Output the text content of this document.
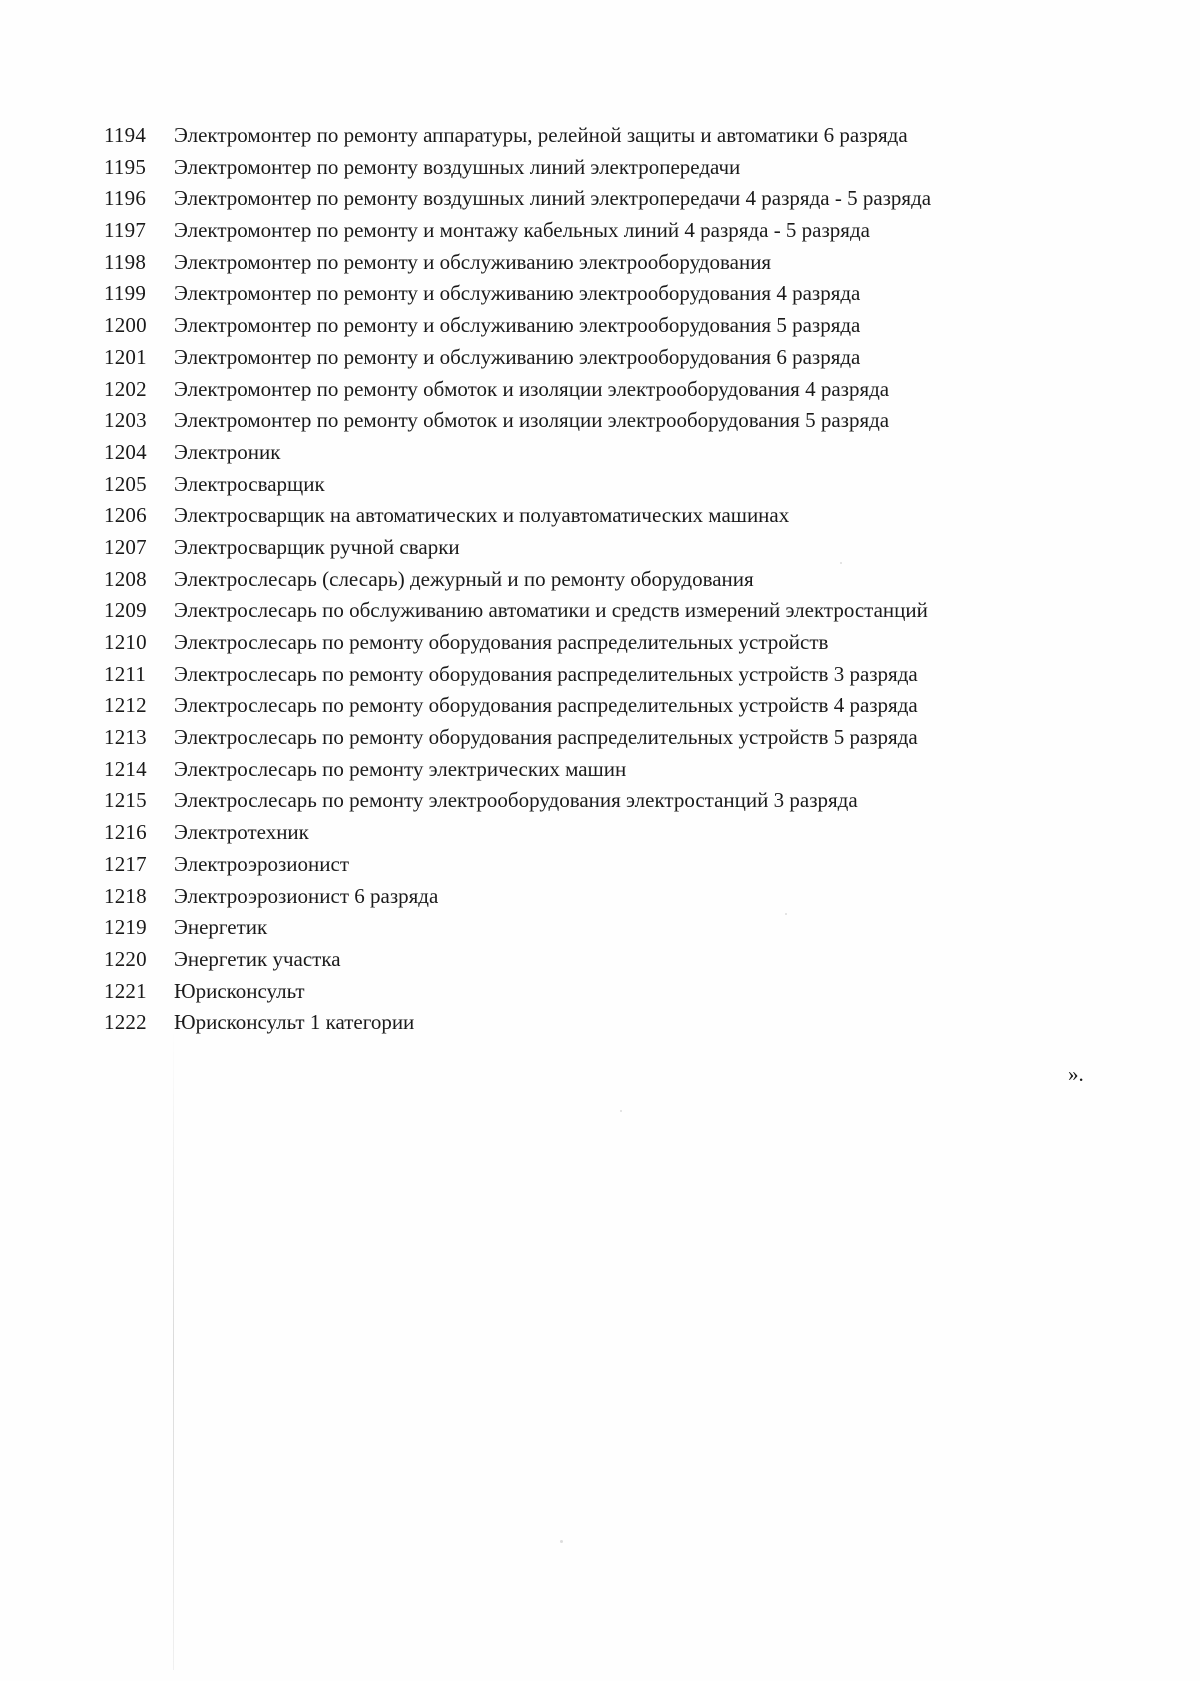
1194	Электромонтер по ремонту аппаратуры, релейной защиты и автоматики 6 разряда
1195	Электромонтер по ремонту воздушных линий электропередачи
1196	Электромонтер по ремонту воздушных линий электропередачи 4 разряда - 5 разряда
1197	Электромонтер по ремонту и монтажу кабельных линий 4 разряда - 5 разряда
1198	Электромонтер по ремонту и обслуживанию электрооборудования
1199	Электромонтер по ремонту и обслуживанию электрооборудования 4 разряда
1200	Электромонтер по ремонту и обслуживанию электрооборудования 5 разряда
1201	Электромонтер по ремонту и обслуживанию электрооборудования 6 разряда
1202	Электромонтер по ремонту обмоток и изоляции электрооборудования 4 разряда
1203	Электромонтер по ремонту обмоток и изоляции электрооборудования 5 разряда
1204	Электроник
1205	Электросварщик
1206	Электросварщик на автоматических и полуавтоматических машинах
1207	Электросварщик ручной сварки
1208	Электрослесарь (слесарь) дежурный и по ремонту оборудования
1209	Электрослесарь по обслуживанию автоматики и средств измерений электростанций
1210	Электрослесарь по ремонту оборудования распределительных устройств
1211	Электрослесарь по ремонту оборудования распределительных устройств 3 разряда
1212	Электрослесарь по ремонту оборудования распределительных устройств 4 разряда
1213	Электрослесарь по ремонту оборудования распределительных устройств 5 разряда
1214	Электрослесарь по ремонту электрических машин
1215	Электрослесарь по ремонту электрооборудования электростанций 3 разряда
1216	Электротехник
1217	Электроэрозионист
1218	Электроэрозионист 6 разряда
1219	Энергетик
1220	Энергетик участка
1221	Юрисконсульт
1222	Юрисконсульт 1 категории
».
